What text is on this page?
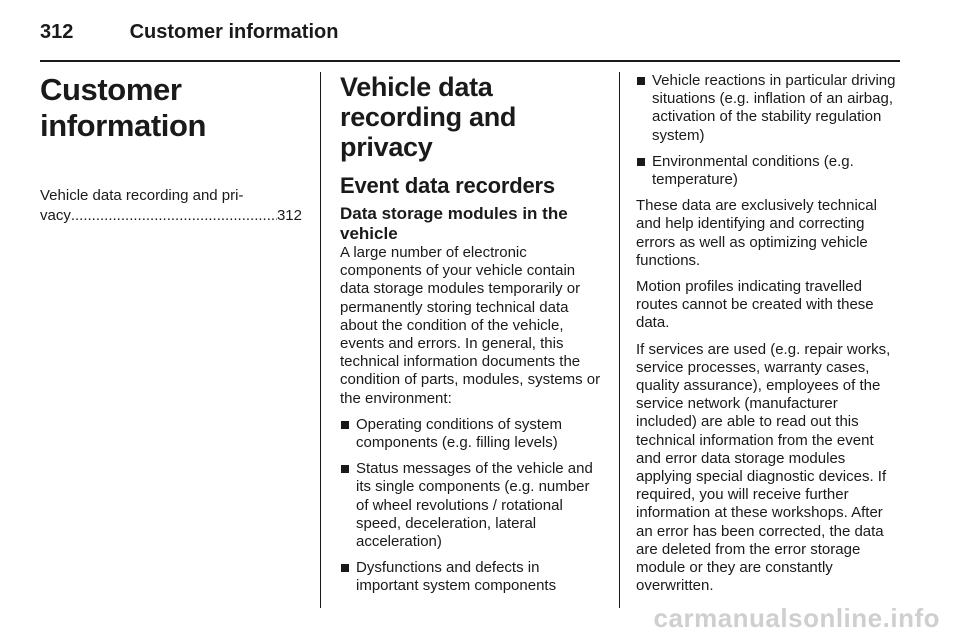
312	Customer information
Customer information
Vehicle data recording and pri-
vacy
.....	312
Vehicle data recording and privacy
Event data recorders
Data storage modules in the vehicle

A large number of electronic components of your vehicle contain data storage modules temporarily or permanently storing technical data about the condition of the vehicle, events and errors. In general, this technical information documents the condition of parts, modules, systems or the environment:

Operating conditions of system components (e.g. filling levels)
Status messages of the vehicle and its single components (e.g. number of wheel revolutions / rotational speed, deceleration, lateral acceleration)
Dysfunctions and defects in important system components
Vehicle reactions in particular driving situations (e.g. inflation of an airbag, activation of the stability regulation system)
Environmental conditions (e.g. temperature)

These data are exclusively technical and help identifying and correcting errors as well as optimizing vehicle functions.

Motion profiles indicating travelled routes cannot be created with these data.

If services are used (e.g. repair works, service processes, warranty cases, quality assurance), employees of the service network (manufacturer included) are able to read out this technical information from the event and error data storage modules applying special diagnostic devices. If required, you will receive further information at these workshops. After an error has been corrected, the data are deleted from the error storage module or they are constantly overwritten.

carmanualsonline.info
